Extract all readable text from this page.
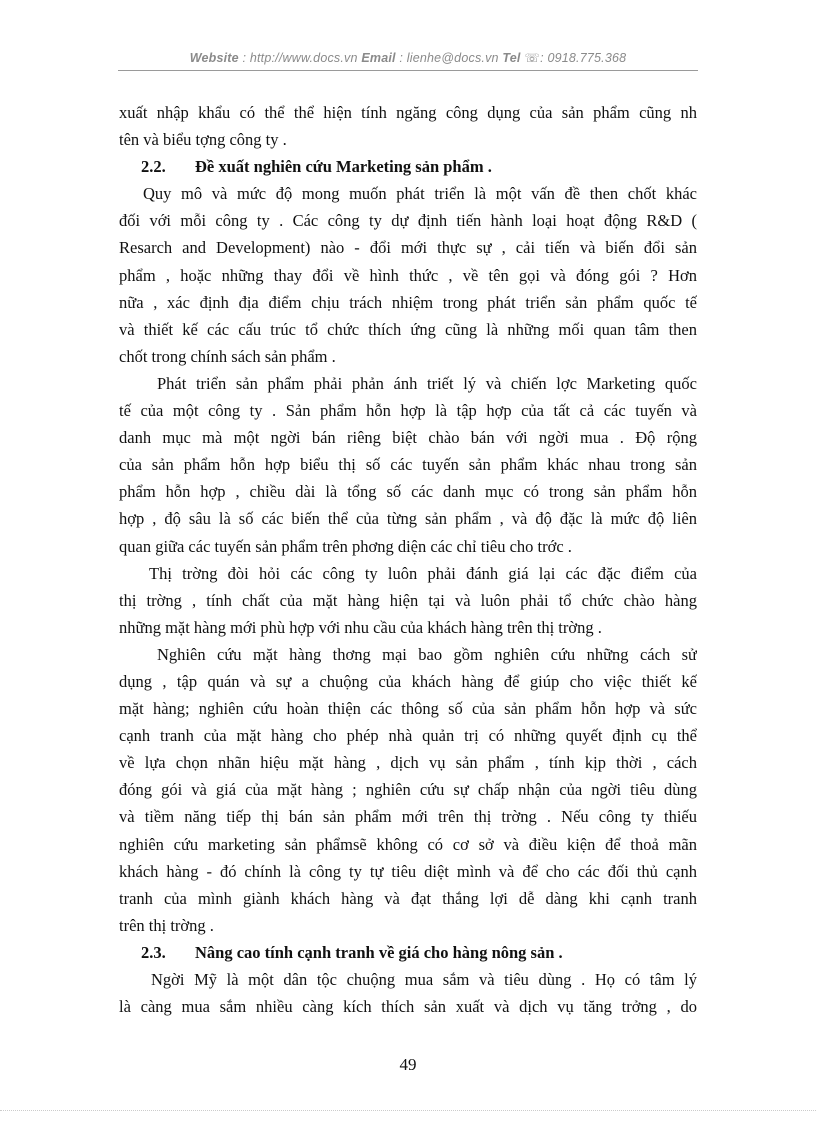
Website : http://www.docs.vn Email : lienhe@docs.vn Tel ☏: 0918.775.368
xuất nhập khẩu có thể thể hiện tính ngăng công dụng của sản phẩm cũng nh
tên và biểu tợng công ty .
2.2. Đề xuất nghiên cứu Marketing sản phẩm .
Quy mô và mức độ mong muốn phát triển là một vấn đề then chốt khác
đối với mỗi công ty . Các công ty dự định tiến hành loại hoạt động R&D (
Resarch and Development) nào - đổi mới thực sự , cải tiến và biến đổi sản
phẩm , hoặc những thay đổi về hình thức , về tên gọi và đóng gói ? Hơn
nữa , xác định địa điểm chịu trách nhiệm trong phát triển sản phẩm quốc tế
và thiết kế các cấu trúc tổ chức thích ứng cũng là những mối quan tâm then
chốt trong chính sách sản phẩm .
Phát triển sản phẩm phải phản ánh triết lý và chiến lợc Marketing quốc
tế của một công ty . Sản phẩm hỗn hợp là tập hợp của tất cả các tuyến và
danh mục mà một ngời bán riêng biệt chào bán với ngời mua . Độ rộng
của sản phẩm hỗn hợp biểu thị số các tuyến sản phẩm khác nhau trong sản
phẩm hỗn hợp , chiều dài là tổng số các danh mục có trong sản phẩm hỗn
hợp , độ sâu là số các biến thể của từng sản phẩm , và độ đặc là mức độ liên
quan giữa các tuyến sản phẩm trên phơng diện các chỉ tiêu cho trớc .
Thị trờng đòi hỏi các công ty luôn phải đánh giá lại các đặc điểm của
thị trờng , tính chất của mặt hàng hiện tại và luôn phải tổ chức chào hàng
những mặt hàng mới phù hợp với nhu cầu của khách hàng trên thị trờng .
Nghiên cứu mặt hàng thơng mại bao gồm nghiên cứu những cách sử
dụng , tập quán và sự a chuộng của khách hàng để giúp cho việc thiết kế
mặt hàng; nghiên cứu hoàn thiện các thông số của sản phẩm hỗn hợp và sức
cạnh tranh của mặt hàng cho phép nhà quản trị có những quyết định cụ thể
về lựa chọn nhãn hiệu mặt hàng , dịch vụ sản phẩm , tính kịp thời , cách
đóng gói và giá của mặt hàng ; nghiên cứu sự chấp nhận của ngời tiêu dùng
và tiềm năng tiếp thị bán sản phẩm mới trên thị trờng . Nếu công ty thiếu
nghiên cứu marketing sản phẩmsẽ không có cơ sở và điều kiện để thoả mãn
khách hàng - đó chính là công ty tự tiêu diệt mình và để cho các đối thủ cạnh
tranh của mình giành khách hàng và đạt thắng lợi dễ dàng khi cạnh tranh
trên thị trờng .
2.3. Nâng cao tính cạnh tranh về giá cho hàng nông sản .
Ngời Mỹ là một dân tộc chuộng mua sắm và tiêu dùng . Họ có tâm lý
là càng mua sắm nhiều càng kích thích sản xuất và dịch vụ tăng trởng , do
49
